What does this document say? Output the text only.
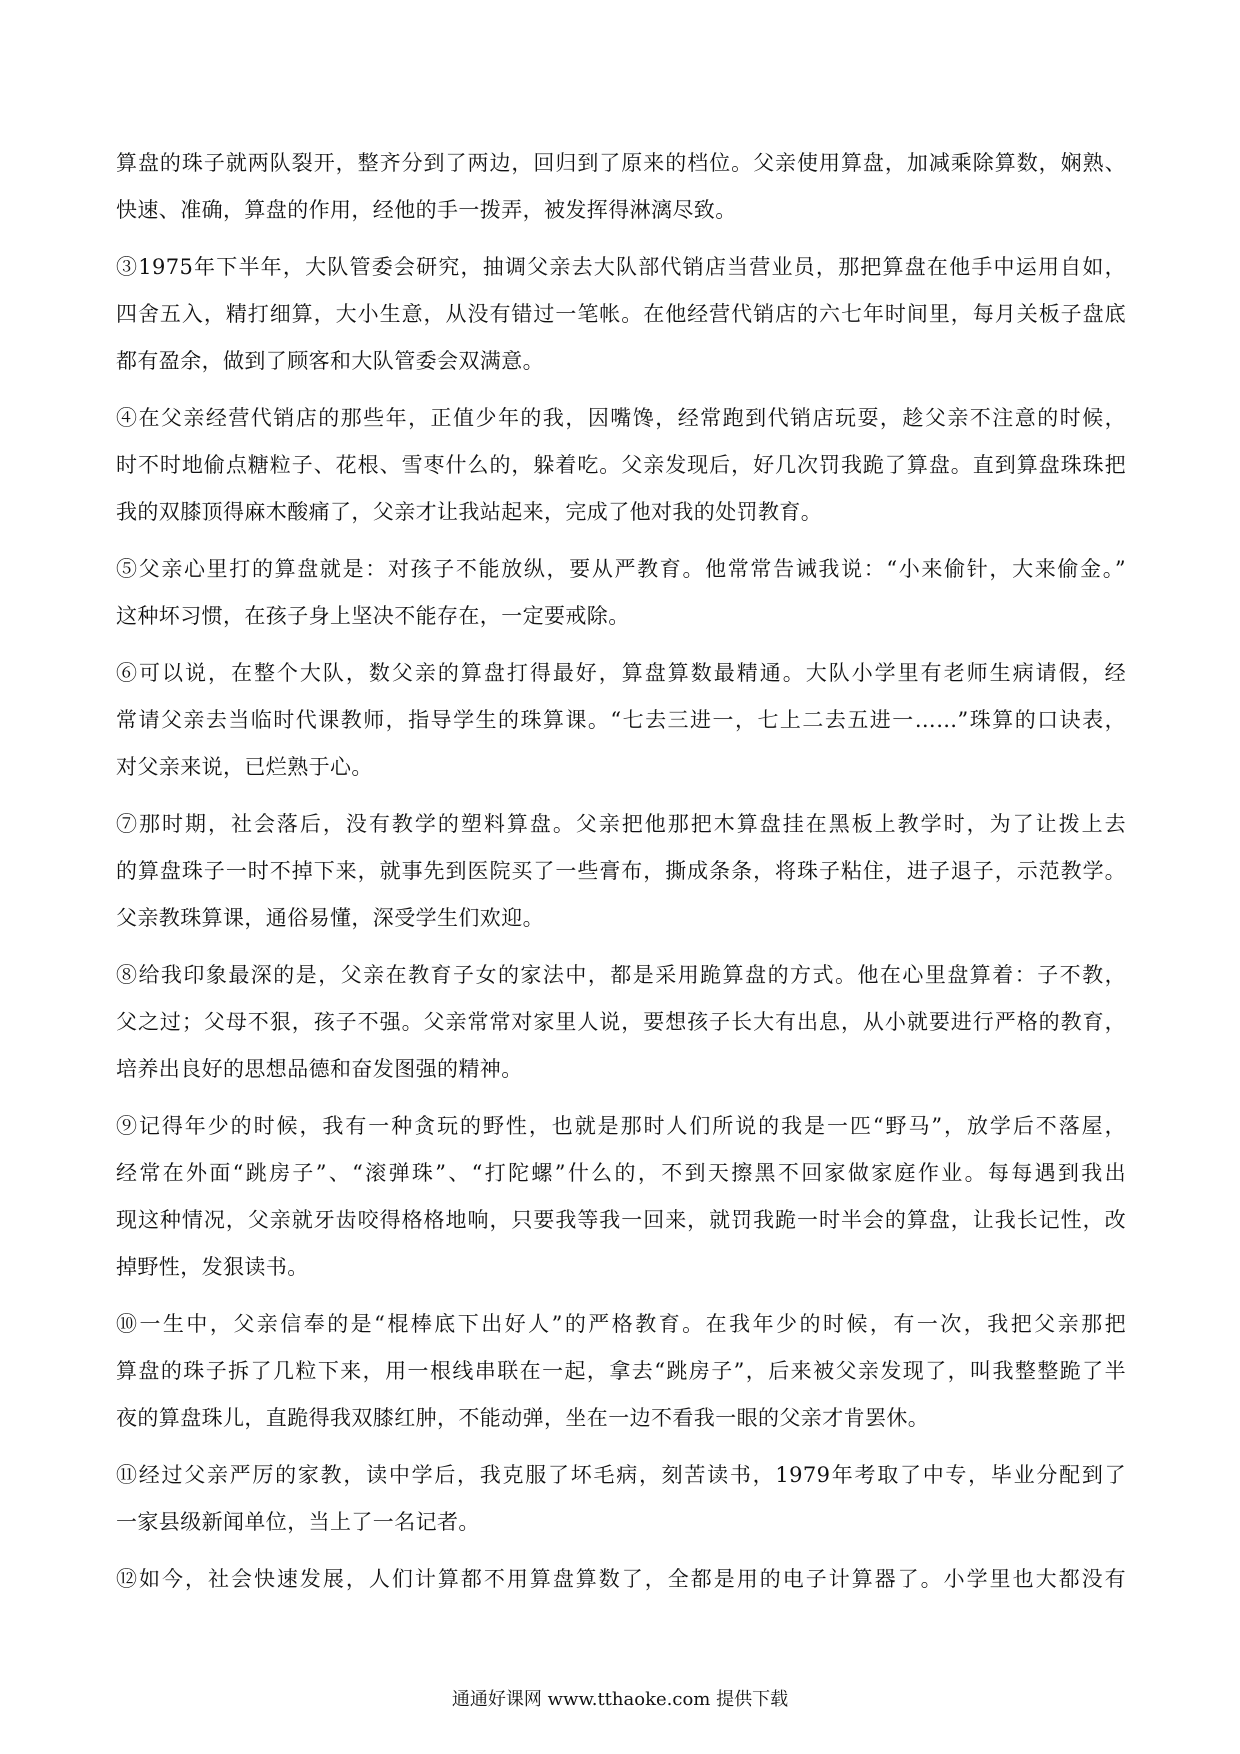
算盘的珠子就两队裂开，整齐分到了两边，回归到了原来的档位。父亲使用算盘，加减乘除算数，娴熟、
快速、准确，算盘的作用，经他的手一拨弄，被发挥得淋漓尽致。
③1975年下半年，大队管委会研究，抽调父亲去大队部代销店当营业员，那把算盘在他手中运用自如，
四舍五入，精打细算，大小生意，从没有错过一笔帐。在他经营代销店的六七年时间里，每月关板子盘底
都有盈余，做到了顾客和大队管委会双满意。
④在父亲经营代销店的那些年，正值少年的我，因嘴馋，经常跑到代销店玩耍，趁父亲不注意的时候，
时不时地偷点糖粒子、花根、雪枣什么的，躲着吃。父亲发现后，好几次罚我跪了算盘。直到算盘珠珠把
我的双膝顶得麻木酸痛了，父亲才让我站起来，完成了他对我的处罚教育。
⑤父亲心里打的算盘就是：对孩子不能放纵，要从严教育。他常常告诫我说：“小来偷针，大来偷金。”
这种坏习惯，在孩子身上坚决不能存在，一定要戒除。
⑥可以说，在整个大队，数父亲的算盘打得最好，算盘算数最精通。大队小学里有老师生病请假，经
常请父亲去当临时代课教师，指导学生的珠算课。“七去三进一，七上二去五进一……”珠算的口诀表，
对父亲来说，已烂熟于心。
⑦那时期，社会落后，没有教学的塑料算盘。父亲把他那把木算盘挂在黑板上教学时，为了让拨上去
的算盘珠子一时不掉下来，就事先到医院买了一些膏布，撕成条条，将珠子粘住，进子退子，示范教学。
父亲教珠算课，通俗易懂，深受学生们欢迎。
⑧给我印象最深的是，父亲在教育子女的家法中，都是采用跪算盘的方式。他在心里盘算着：子不教，
父之过；父母不狠，孩子不强。父亲常常对家里人说，要想孩子长大有出息，从小就要进行严格的教育，
培养出良好的思想品德和奋发图强的精神。
⑨记得年少的时候，我有一种贪玩的野性，也就是那时人们所说的我是一匹“野马”，放学后不落屋，
经常在外面“跳房子”、“滚弹珠”、“打陀螺”什么的，不到天擦黑不回家做家庭作业。每每遇到我出
现这种情况，父亲就牙齿咬得格格地响，只要我等我一回来，就罚我跪一时半会的算盘，让我长记性，改
掉野性，发狠读书。
⑩一生中，父亲信奉的是“棍棒底下出好人”的严格教育。在我年少的时候，有一次，我把父亲那把
算盘的珠子拆了几粒下来，用一根线串联在一起，拿去“跳房子”，后来被父亲发现了，叫我整整跪了半
夜的算盘珠儿，直跪得我双膝红肿，不能动弹，坐在一边不看我一眼的父亲才肯罢休。
⑪经过父亲严厉的家教，读中学后，我克服了坏毛病，刻苦读书，1979年考取了中专，毕业分配到了
一家县级新闻单位，当上了一名记者。
⑫如今，社会快速发展，人们计算都不用算盘算数了，全都是用的电子计算器了。小学里也大都没有
通通好课网 www.tthaoke.com 提供下载
